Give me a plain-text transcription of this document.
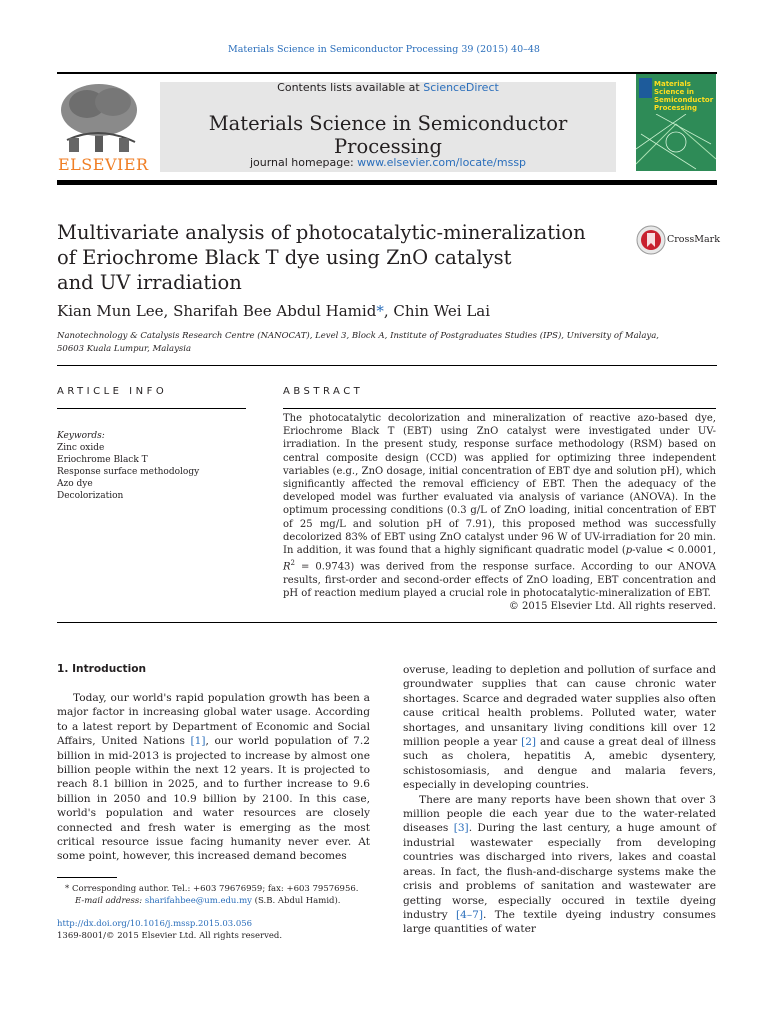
Materials Science in Semiconductor Processing 39 (2015) 40–48
ELSEVIER
Contents lists available at ScienceDirect
Materials Science in Semiconductor Processing
journal homepage: www.elsevier.com/locate/mssp
Materials Science in Semiconductor Processing
Multivariate analysis of photocatalytic-mineralization
of Eriochrome Black T dye using ZnO catalyst
and UV irradiation
CrossMark
Kian Mun Lee, Sharifah Bee Abdul Hamid*, Chin Wei Lai
Nanotechnology & Catalysis Research Centre (NANOCAT), Level 3, Block A, Institute of Postgraduates Studies (IPS), University of Malaya,
50603 Kuala Lumpur, Malaysia
ARTICLE INFO
Keywords:
Zinc oxide
Eriochrome Black T
Response surface methodology
Azo dye
Decolorization
ABSTRACT
The photocatalytic decolorization and mineralization of reactive azo-based dye, Eriochrome Black T (EBT) using ZnO catalyst were investigated under UV-irradiation. In the present study, response surface methodology (RSM) based on central composite design (CCD) was applied for optimizing three independent variables (e.g., ZnO dosage, initial concentration of EBT dye and solution pH), which significantly affected the removal efficiency of EBT. Then the adequacy of the developed model was further evaluated via analysis of variance (ANOVA). In the optimum processing conditions (0.3 g/L of ZnO loading, initial concentration of EBT of 25 mg/L and solution pH of 7.91), this proposed method was successfully decolorized 83% of EBT using ZnO catalyst under 96 W of UV-irradiation for 20 min. In addition, it was found that a highly significant quadratic model (p-value < 0.0001, $R^2 = 0.9743$) was derived from the response surface. According to our ANOVA results, first-order and second-order effects of ZnO loading, EBT concentration and pH of reaction medium played a crucial role in photocatalytic-mineralization of EBT.
© 2015 Elsevier Ltd. All rights reserved.
1. Introduction
Today, our world's rapid population growth has been a major factor in increasing global water usage. According to a latest report by Department of Economic and Social Affairs, United Nations [1], our world population of 7.2 billion in mid-2013 is projected to increase by almost one billion people within the next 12 years. It is projected to reach 8.1 billion in 2025, and to further increase to 9.6 billion in 2050 and 10.9 billion by 2100. In this case, world's population and water resources are closely connected and fresh water is emerging as the most critical resource issue facing humanity never ever. At some point, however, this increased demand becomes
overuse, leading to depletion and pollution of surface and groundwater supplies that can cause chronic water shortages. Scarce and degraded water supplies also often cause critical health problems. Polluted water, water shortages, and unsanitary living conditions kill over 12 million people a year [2] and cause a great deal of illness such as cholera, hepatitis A, amebic dysentery, schistosomiasis, and dengue and malaria fevers, especially in developing countries.
There are many reports have been shown that over 3 million people die each year due to the water-related diseases [3]. During the last century, a huge amount of industrial wastewater especially from developing countries was discharged into rivers, lakes and coastal areas. In fact, the flush-and-discharge systems make the crisis and problems of sanitation and wastewater are getting worse, especially occured in textile dyeing industry [4–7]. The textile dyeing industry consumes large quantities of water
* Corresponding author. Tel.: +603 79676959; fax: +603 79576956.
E-mail address: sharifahbee@um.edu.my (S.B. Abdul Hamid).
http://dx.doi.org/10.1016/j.mssp.2015.03.056
1369-8001/© 2015 Elsevier Ltd. All rights reserved.
